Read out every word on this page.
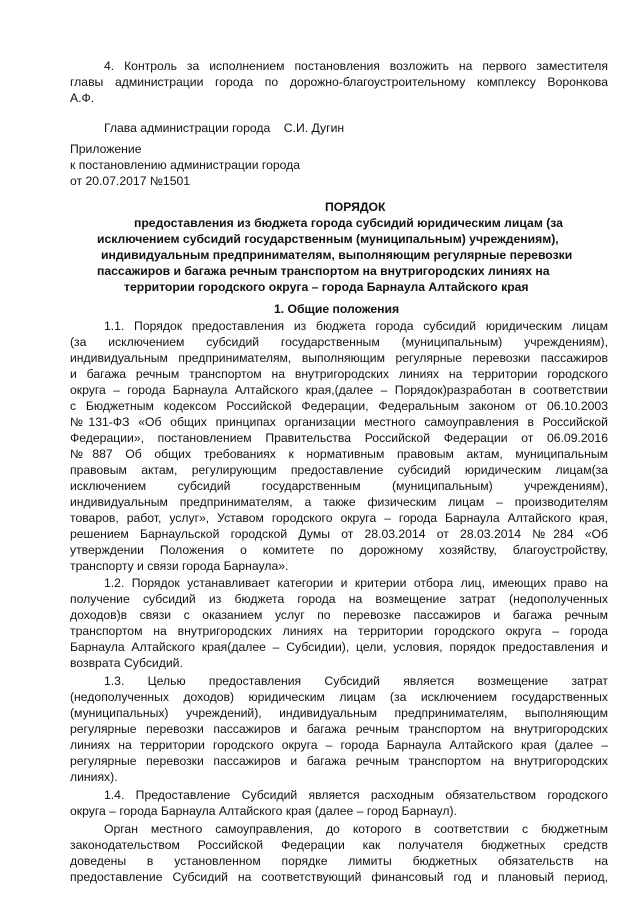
4. Контроль за исполнением постановления возложить на первого заместителя
главы администрации города по дорожно-благоустроительному комплексу Воронкова
А.Ф.
Глава администрации города    С.И. Дугин
Приложение
к постановлению администрации города
от 20.07.2017 №1501
ПОРЯДОК
предоставления из бюджета города субсидий юридическим лицам (за
исключением субсидий государственным (муниципальным) учреждениям),
индивидуальным предпринимателям, выполняющим регулярные перевозки
пассажиров и багажа речным транспортом на внутригородских линиях на
территории городского округа – города Барнаула Алтайского края
1. Общие положения
1.1. Порядок предоставления из бюджета города субсидий юридическим лицам
(за исключением субсидий государственным (муниципальным) учреждениям),
индивидуальным предпринимателям, выполняющим регулярные перевозки пассажиров
и багажа речным транспортом на внутригородских линиях на территории городского
округа – города Барнаула Алтайского края,(далее – Порядок)разработан в соответствии
с Бюджетным кодексом Российской Федерации, Федеральным законом от 06.10.2003
№131-ФЗ «Об общих принципах организации местного самоуправления в Российской
Федерации», постановлением Правительства Российской Федерации от 06.09.2016
№887 Об общих требованиях к нормативным правовым актам, муниципальным
правовым актам, регулирующим предоставление субсидий юридическим лицам(за
исключением субсидий государственным (муниципальным) учреждениям),
индивидуальным предпринимателям, а также физическим лицам – производителям
товаров, работ, услуг», Уставом городского округа – города Барнаула Алтайского края,
решением Барнаульской городской Думы от 28.03.2014 от 28.03.2014 №284 «Об
утверждении Положения о комитете по дорожному хозяйству, благоустройству,
транспорту и связи города Барнаула».
1.2. Порядок устанавливает категории и критерии отбора лиц, имеющих право на
получение субсидий из бюджета города на возмещение затрат (недополученных
доходов)в связи с оказанием услуг по перевозке пассажиров и багажа речным
транспортом на внутригородских линиях на территории городского округа – города
Барнаула Алтайского края(далее – Субсидии), цели, условия, порядок предоставления и
возврата Субсидий.
1.3. Целью предоставления Субсидий является возмещение затрат
(недополученных доходов) юридическим лицам (за исключением государственных
(муниципальных) учреждений), индивидуальным предпринимателям, выполняющим
регулярные перевозки пассажиров и багажа речным транспортом на внутригородских
линиях на территории городского округа – города Барнаула Алтайского края (далее –
регулярные перевозки пассажиров и багажа речным транспортом на внутригородских
линиях).
1.4. Предоставление Субсидий является расходным обязательством городского
округа – города Барнаула Алтайского края (далее – город Барнаул).
Орган местного самоуправления, до которого в соответствии с бюджетным
законодательством Российской Федерации как получателя бюджетных средств
доведены в установленном порядке лимиты бюджетных обязательств на
предоставление Субсидий на соответствующий финансовый год и плановый период,
